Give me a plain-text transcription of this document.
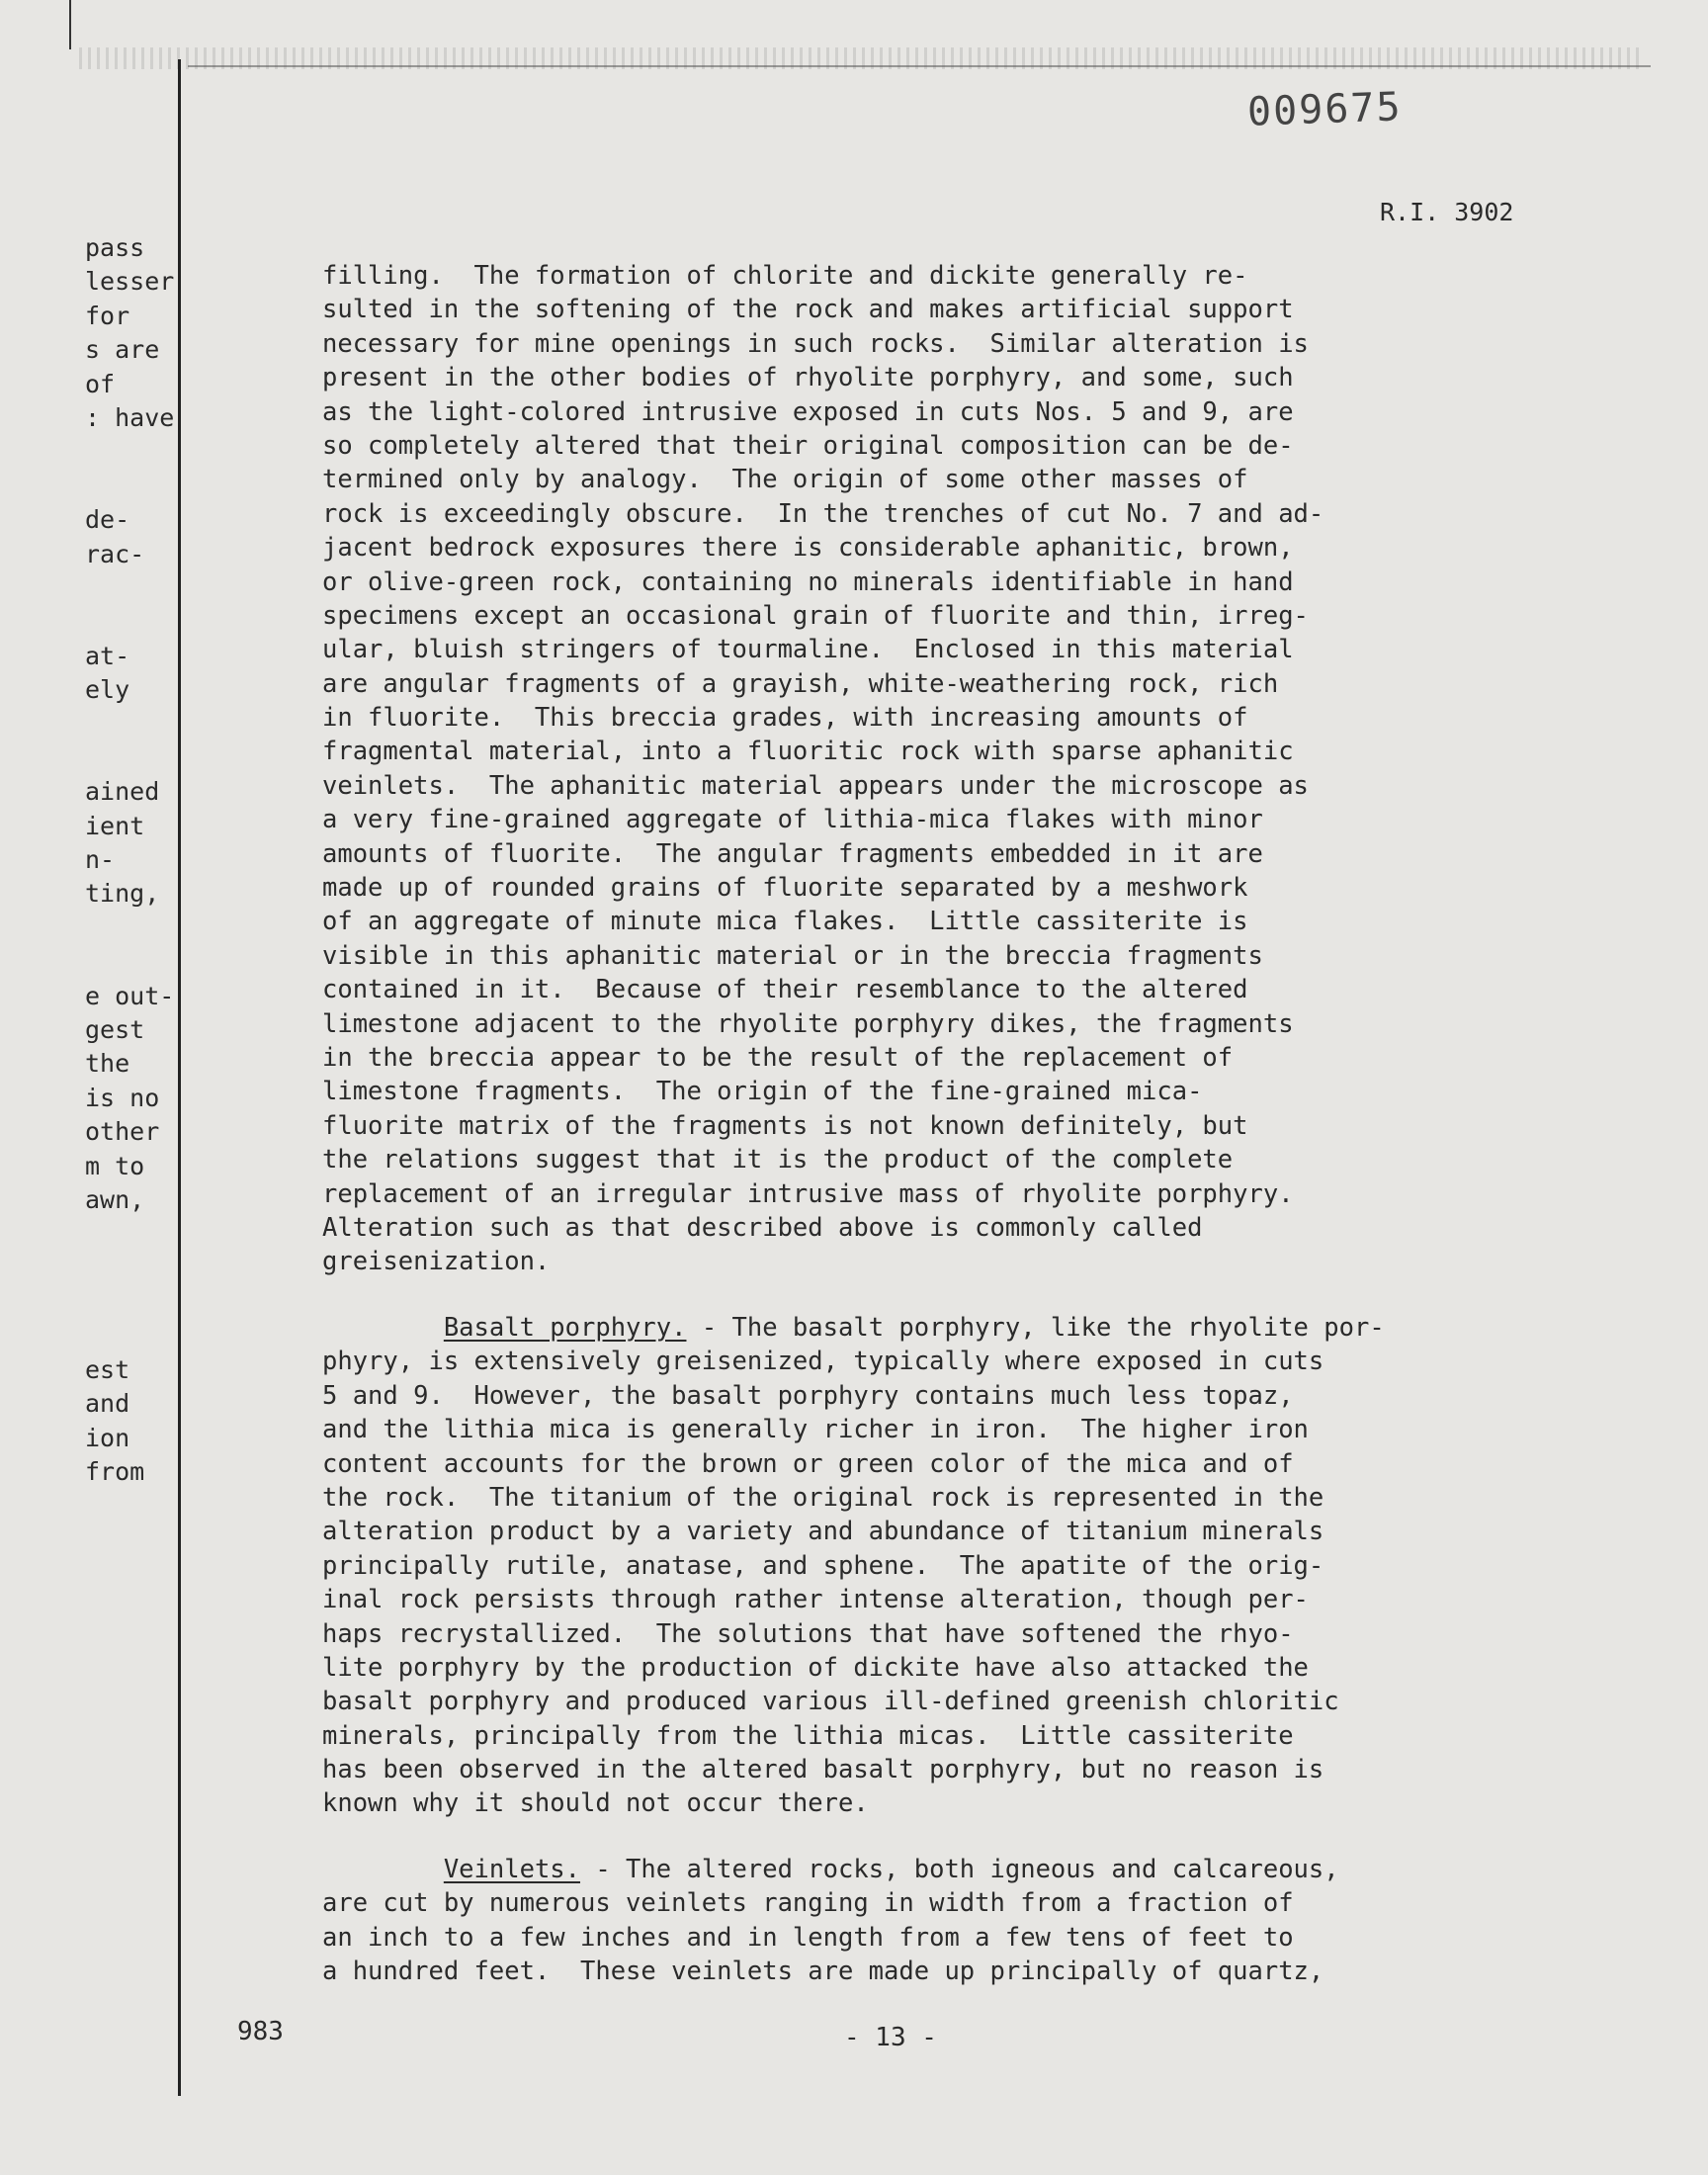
009675
R.I. 3902
pass
lesser
for
s are
of
: have
de-
rac-
at-
ely
ained
ient
n-
ting,
e out-
gest
the
is no
other
m to
awn,
est
and
ion
from
filling.  The formation of chlorite and dickite generally re-
sulted in the softening of the rock and makes artificial support
necessary for mine openings in such rocks.  Similar alteration is
present in the other bodies of rhyolite porphyry, and some, such
as the light-colored intrusive exposed in cuts Nos. 5 and 9, are
so completely altered that their original composition can be de-
termined only by analogy.  The origin of some other masses of
rock is exceedingly obscure.  In the trenches of cut No. 7 and ad-
jacent bedrock exposures there is considerable aphanitic, brown,
or olive-green rock, containing no minerals identifiable in hand
specimens except an occasional grain of fluorite and thin, irreg-
ular, bluish stringers of tourmaline.  Enclosed in this material
are angular fragments of a grayish, white-weathering rock, rich
in fluorite.  This breccia grades, with increasing amounts of
fragmental material, into a fluoritic rock with sparse aphanitic
veinlets.  The aphanitic material appears under the microscope as
a very fine-grained aggregate of lithia-mica flakes with minor
amounts of fluorite.  The angular fragments embedded in it are
made up of rounded grains of fluorite separated by a meshwork
of an aggregate of minute mica flakes.  Little cassiterite is
visible in this aphanitic material or in the breccia fragments
contained in it.  Because of their resemblance to the altered
limestone adjacent to the rhyolite porphyry dikes, the fragments
in the breccia appear to be the result of the replacement of
limestone fragments.  The origin of the fine-grained mica-
fluorite matrix of the fragments is not known definitely, but
the relations suggest that it is the product of the complete
replacement of an irregular intrusive mass of rhyolite porphyry.
Alteration such as that described above is commonly called
greisenization.
Basalt porphyry. - The basalt porphyry, like the rhyolite por-
phyry, is extensively greisenized, typically where exposed in cuts
5 and 9.  However, the basalt porphyry contains much less topaz,
and the lithia mica is generally richer in iron.  The higher iron
content accounts for the brown or green color of the mica and of
the rock.  The titanium of the original rock is represented in the
alteration product by a variety and abundance of titanium minerals
principally rutile, anatase, and sphene.  The apatite of the orig-
inal rock persists through rather intense alteration, though per-
haps recrystallized.  The solutions that have softened the rhyo-
lite porphyry by the production of dickite have also attacked the
basalt porphyry and produced various ill-defined greenish chloritic
minerals, principally from the lithia micas.  Little cassiterite
has been observed in the altered basalt porphyry, but no reason is
known why it should not occur there.
Veinlets. - The altered rocks, both igneous and calcareous,
are cut by numerous veinlets ranging in width from a fraction of
an inch to a few inches and in length from a few tens of feet to
a hundred feet.  These veinlets are made up principally of quartz,
983	- 13 -
